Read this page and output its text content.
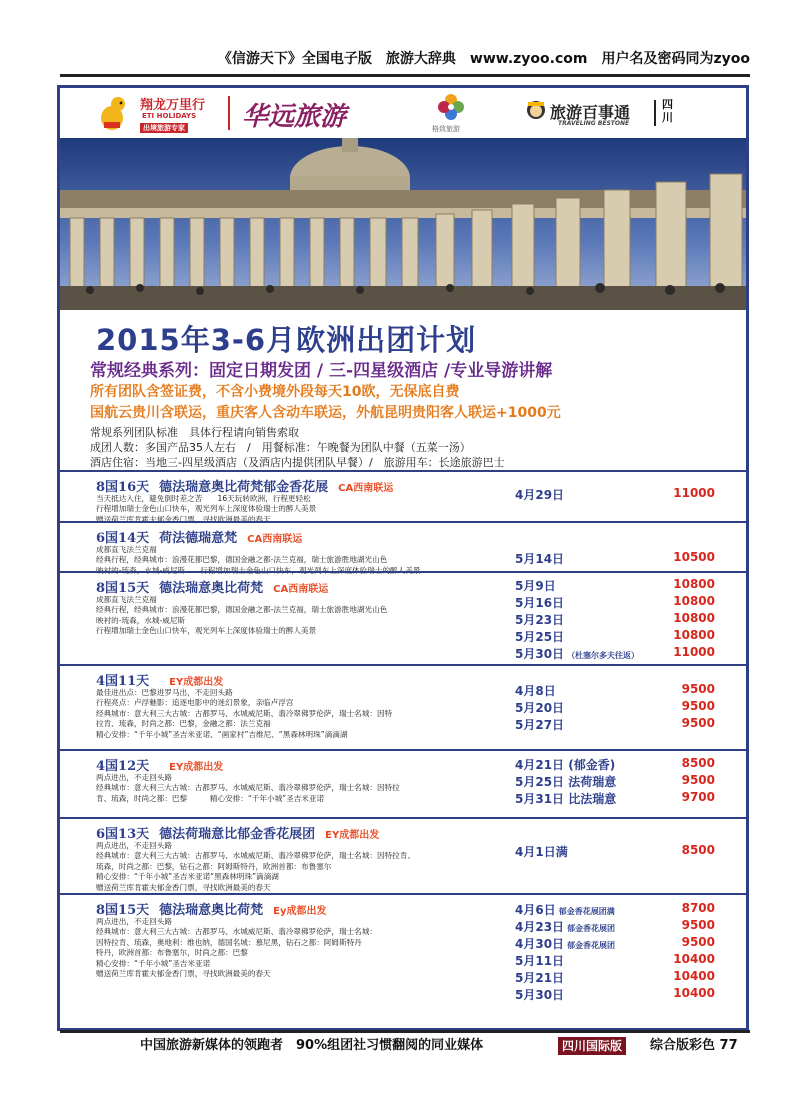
《信游天下》全国电子版　旅游大辞典　www.zyoo.com　用户名及密码同为zyoo
翔龙万里行
ETI HOLIDAYS
出境旅游专家 华远旅游	格致旅游
旅游百事通
TRAVELING BESTONE
四川
2015年3-6月欧洲出团计划
常规经典系列：固定日期发团 / 三-四星级酒店 /专业导游讲解
所有团队含签证费，不含小费境外段每天10欧，无保底自费
国航云贵川含联运，重庆客人含动车联运，外航昆明贵阳客人联运+1000元
常规系列团队标准　具体行程请向销售索取
成团人数：多国产品35人左右　/　用餐标准：午晚餐为团队中餐（五菜一汤）
酒店住宿：当地三-四星级酒店（及酒店内提供团队早餐）/　旅游用车：长途旅游巴士
8国16天 德法瑞意奥比荷梵郁金香花展 CA西南联运
当天抵达入住，避免倒时差之苦　　16天玩转欧洲，行程更轻松
行程增加瑞士金色山口快车，观光列车上深度体验瑞士的醉人美景
赠送荷兰库肯霍夫郁金香门票，寻找欧洲最美的春天
4月29日	11000
6国14天 荷法德瑞意梵 CA西南联运
成都直飞法兰克福
经典行程，经典城市：浪漫花都巴黎，德国金融之都-法兰克福，瑞士旅游胜地湖光山色
映衬的-琉森，水城-威尼斯　　行程增加瑞士金色山口快车，观光列车上深度体验瑞士的醉人美景
5月14日	10500
8国15天 德法瑞意奥比荷梵 CA西南联运
成都直飞法兰克福
经典行程，经典城市：浪漫花都巴黎，德国金融之都-法兰克福，瑞士旅游胜地湖光山色
映衬的-琉森，水城-威尼斯
行程增加瑞士金色山口快车，观光列车上深度体验瑞士的醉人美景
5月9日	10800
5月16日	10800
5月23日	10800
5月25日	10800
5月30日 （杜塞尔多夫往返）	11000
4国11天 EY成都出发
最佳进出点：巴黎进罗马出，不走回头路
行程亮点：卢浮魅影：追逐电影中的迷幻景象，亲临卢浮宫
经典城市：意大利三大古城：古都罗马、水城威尼斯、翡冷翠佛罗伦萨，瑞士名城：因特
拉肯、琉森，时尚之都：巴黎，金融之都：法兰克福
精心安排：“千年小城”圣吉米亚诺、“画家村”吉维尼、“黑森林明珠”滴滴湖
4月8日	9500
5月20日	9500
5月27日	9500
4国12天 EY成都出发
两点进出，不走回头路
经典城市：意大利三大古城：古都罗马、水城威尼斯、翡冷翠佛罗伦萨，瑞士名城：因特拉
肯、琉森，时尚之都：巴黎　　　精心安排：“千年小城”圣吉米亚诺
4月21日 (郁金香)	8500
5月25日 法荷瑞意	9500
5月31日 比法瑞意	9700
6国13天 德法荷瑞意比郁金香花展团 EY成都出发
两点进出，不走回头路
经典城市：意大利三大古城：古都罗马、水城威尼斯、翡冷翠佛罗伦萨，瑞士名城：因特拉肯、
琉森，时尚之都：巴黎，钻石之都：阿姆斯特丹，欧洲首都：布鲁塞尔
精心安排：“千年小城”圣吉米亚诺“黑森林明珠”滴滴湖
赠送荷兰库肯霍夫郁金香门票，寻找欧洲最美的春天
4月1日满	8500
8国15天 德法瑞意奥比荷梵 Ey成都出发
两点进出，不走回头路
经典城市：意大利三大古城：古都罗马、水城威尼斯、翡冷翠佛罗伦萨，瑞士名城：
因特拉肯、琉森，奥地利：维也纳，德国名城：慕尼黑，钻石之都：阿姆斯特丹
特丹，欧洲首都：布鲁塞尔，时尚之都：巴黎
精心安排：“千年小城”圣吉米亚诺
赠送荷兰库肯霍夫郁金香门票，寻找欧洲最美的春天
4月6日 郁金香花展团满	8700
4月23日 郁金香花展团	9500
4月30日 郁金香花展团	9500
5月11日	10400
5月21日	10400
5月30日	10400
中国旅游新媒体的领跑者　90%组团社习惯翻阅的同业媒体	四川国际版	综合版彩色 77
